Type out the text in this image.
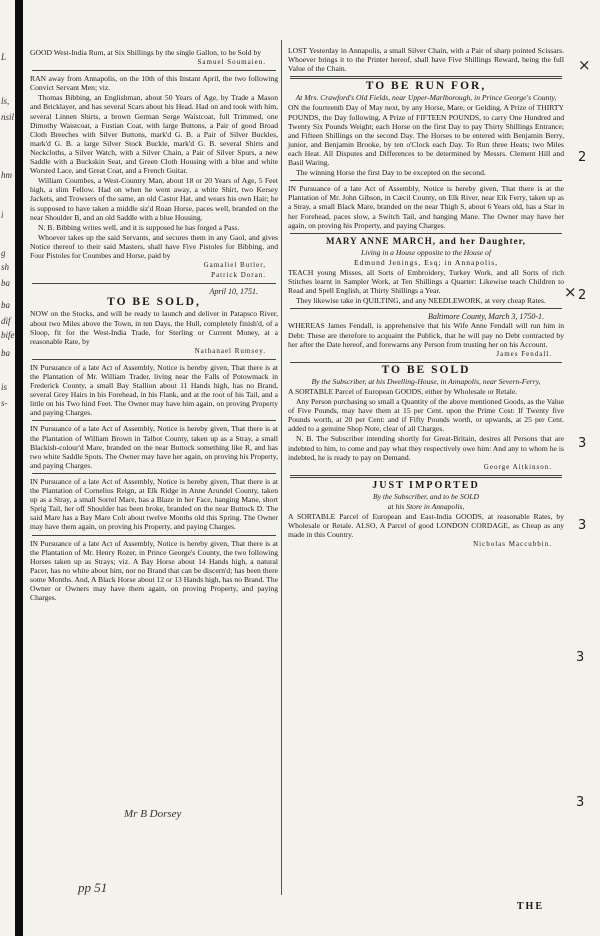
L
ls,
nsil
hm
i
g
sh
ba
ba
dif
bife
ba
is
s-

GOOD West-India Rum, at Six Shillings by the single Gallon, to be Sold by

Samuel Soumaien.

RAN away from Annapolis, on the 10th of this Instant April, the two following Convict Servant Men; viz.

Thomas Bibbing, an Englishman, about 50 Years of Age, by Trade a Mason and Bricklayer, and has several Scars about his Head. Had on and took with him, several Linnen Shirts, a brown German Serge Waistcoat, full Trimmed, one Dimothy Waistcoat, a Fustian Coat, with large Buttons, a Pair of good Broad Cloth Breeches with Silver Buttons, mark'd G. B. a Pair of Silver Buckles, mark'd G. B. a large Silver Stock Buckle, mark'd G. B. several Shirts and Neckcloths, a Silver Watch, with a Silver Chain, a Pair of Silver Spurs, a new Saddle with a Buckskin Seat, and Green Cloth Housing with a blue and white Worsted Lace, and Great Coat, and a French Guitar.

William Coumbes, a West-Country Man, about 18 or 20 Years of Age, 5 Feet high, a slim Fellow. Had on when he went away, a white Shirt, two Kersey Jackets, and Trowsers of the same, an old Castor Hat, and wears his own Hair; he is supposed to have taken a middle siz'd Roan Horse, paces well, branded on the near Shoulder B, and an old Saddle with a blue Housing.

N. B. Bibbing writes well, and it is supposed he has forged a Pass.

Whoever takes up the said Servants, and secures them in any Gaol, and gives Notice thereof to their said Masters, shall have Five Pistoles for Bibbing, and Four Pistoles for Coumbes and Horse, paid by

Gamaliel Butler,
Patrick Doran.
April 10, 1751.
TO BE SOLD,

NOW on the Stocks, and will be ready to launch and deliver in Patapsco River, about two Miles above the Town, in ten Days, the Hull, completely finish'd, of a Sloop, fit for the West-India Trade, for Sterling or Current Money, at a reasonable Rate, by

Nathanael Rumsey.

IN Pursuance of a late Act of Assembly, Notice is hereby given, That there is at the Plantation of Mr. William Trader, living near the Falls of Potowmack in Frederick County, a small Bay Stallion about 11 Hands high, has no Brand, several Grey Hairs in his Forehead, in his Flank, and at the root of his Tail, and a little on his Two hind Feet. The Owner may have him again, on proving Property and paying Charges.

IN Pursuance of a late Act of Assembly, Notice is hereby given, That there is at the Plantation of William Brown in Talbot County, taken up as a Stray, a small Blackish-colour'd Mare, branded on the near Buttock something like R, and has two white Saddle Spots. The Owner may have her again, on proving his Property, and paying Charges.

IN Pursuance of a late Act of Assembly, Notice is hereby given, That there is at the Plantation of Cornelius Reign, at Elk Ridge in Anne Arundel County, taken up as a Stray, a small Sorrel Mare, has a Blaze in her Face, hanging Mane, short Sprig Tail, her off Shoulder has been broke, branded on the near Buttock D. The said Mare has a Bay Mare Colt about twelve Months old this Spring. The Owner may have them again, on proving his Property, and paying Charges.

IN Pursuance of a late Act of Assembly, Notice is hereby given, That there is at the Plantation of Mr. Henry Rozer, in Prince George's County, the two following Horses taken up as Strays; viz. A Bay Horse about 14 Hands high, a natural Pacer, has no white about him, nor no Brand that can be discern'd; has been there some Months. And, A Black Horse about 12 or 13 Hands high, has no Brand. The Owner or Owners may have them again, on proving Property, and paying Charges.

LOST Yesterday in Annapolis, a small Silver Chain, with a Pair of sharp pointed Scissars. Whoever brings it to the Printer hereof, shall have Five Shillings Reward, being the full Value of the Chain.

TO BE RUN FOR,
At Mrs. Crawford's Old Fields, near Upper-Marlborough, in Prince George's County,

ON the fourteenth Day of May next, by any Horse, Mare, or Gelding, A Prize of THIRTY POUNDS, the Day following, A Prize of FIFTEEN POUNDS, to carry One Hundred and Twenty Six Pounds Weight; each Horse on the first Day to pay Thirty Shillings Entrance; and Fifteen Shillings on the second Day. The Horses to be entered with Benjamin Berry, junior, and Benjamin Brooke, by ten o'Clock each Day. To Run three Heats; two Miles each Heat. All Disputes and Differences to be determined by Messrs. Clement Hill and Basil Waring.

The winning Horse the first Day to be excepted on the second.

IN Pursuance of a late Act of Assembly, Notice is hereby given, That there is at the Plantation of Mr. John Gibson, in Cæcil County, on Elk River, near Elk Ferry, taken up as a Stray, a small Black Mare, branded on the near Thigh S, about 6 Years old, has a Star in her Forehead, paces slow, a Switch Tail, and hanging Mane. The Owner may have her again, on proving his Property, and paying Charges.

MARY ANNE MARCH, and her Daughter,
Living in a House opposite to the House of
Edmund Jenings, Esq; in Annapolis,

TEACH young Misses, all Sorts of Embroidery, Turkey Work, and all Sorts of rich Stitches learnt in Sampler Work, at Ten Shillings a Quarter: Likewise teach Children to Read and Spell English, at Thirty Shillings a Year.

They likewise take in QUILTING, and any NEEDLEWORK, at very cheap Rates.

Baltimore County, March 3, 1750-1.

WHEREAS James Fendall, is apprehensive that his Wife Anne Fendall will run him in Debt: These are therefore to acquaint the Publick, that he will pay no Debt contracted by her after the Date hereof, and forewarns any Person from trusting her on his Account.

James Fendall.
TO BE SOLD
By the Subscriber, at his Dwelling-House, in Annapolis, near Severn-Ferry,

A SORTABLE Parcel of European GOODS, either by Wholesale or Retale.

Any Person purchasing so small a Quantity of the above mentioned Goods, as the Value of Five Pounds, may have them at 15 per Cent. upon the Prime Cost: If Twenty five Pounds worth, at 20 per Cent: and if Fifty Pounds worth, or upwards, at 25 per Cent. added to a genuine Shop Note, clear of all Charges.

N. B. The Subscriber intending shortly for Great-Britain, desires all Persons that are indebted to him, to come and pay what they respectively owe him: And any to whom he is indebted, he is ready to pay on Demand.

George Aitkinson.
JUST IMPORTED
By the Subscriber, and to be SOLD
at his Store in Annapolis,

A SORTABLE Parcel of European and East-India GOODS, at reasonable Rates, by Wholesale or Retale. ALSO, A Parcel of good LONDON CORDAGE, as Cheap as any made in this Country.

Nicholas Maccubbin.
THE
Mr B Dorsey
pp 51
×
2
× 2
3
3
3
3
